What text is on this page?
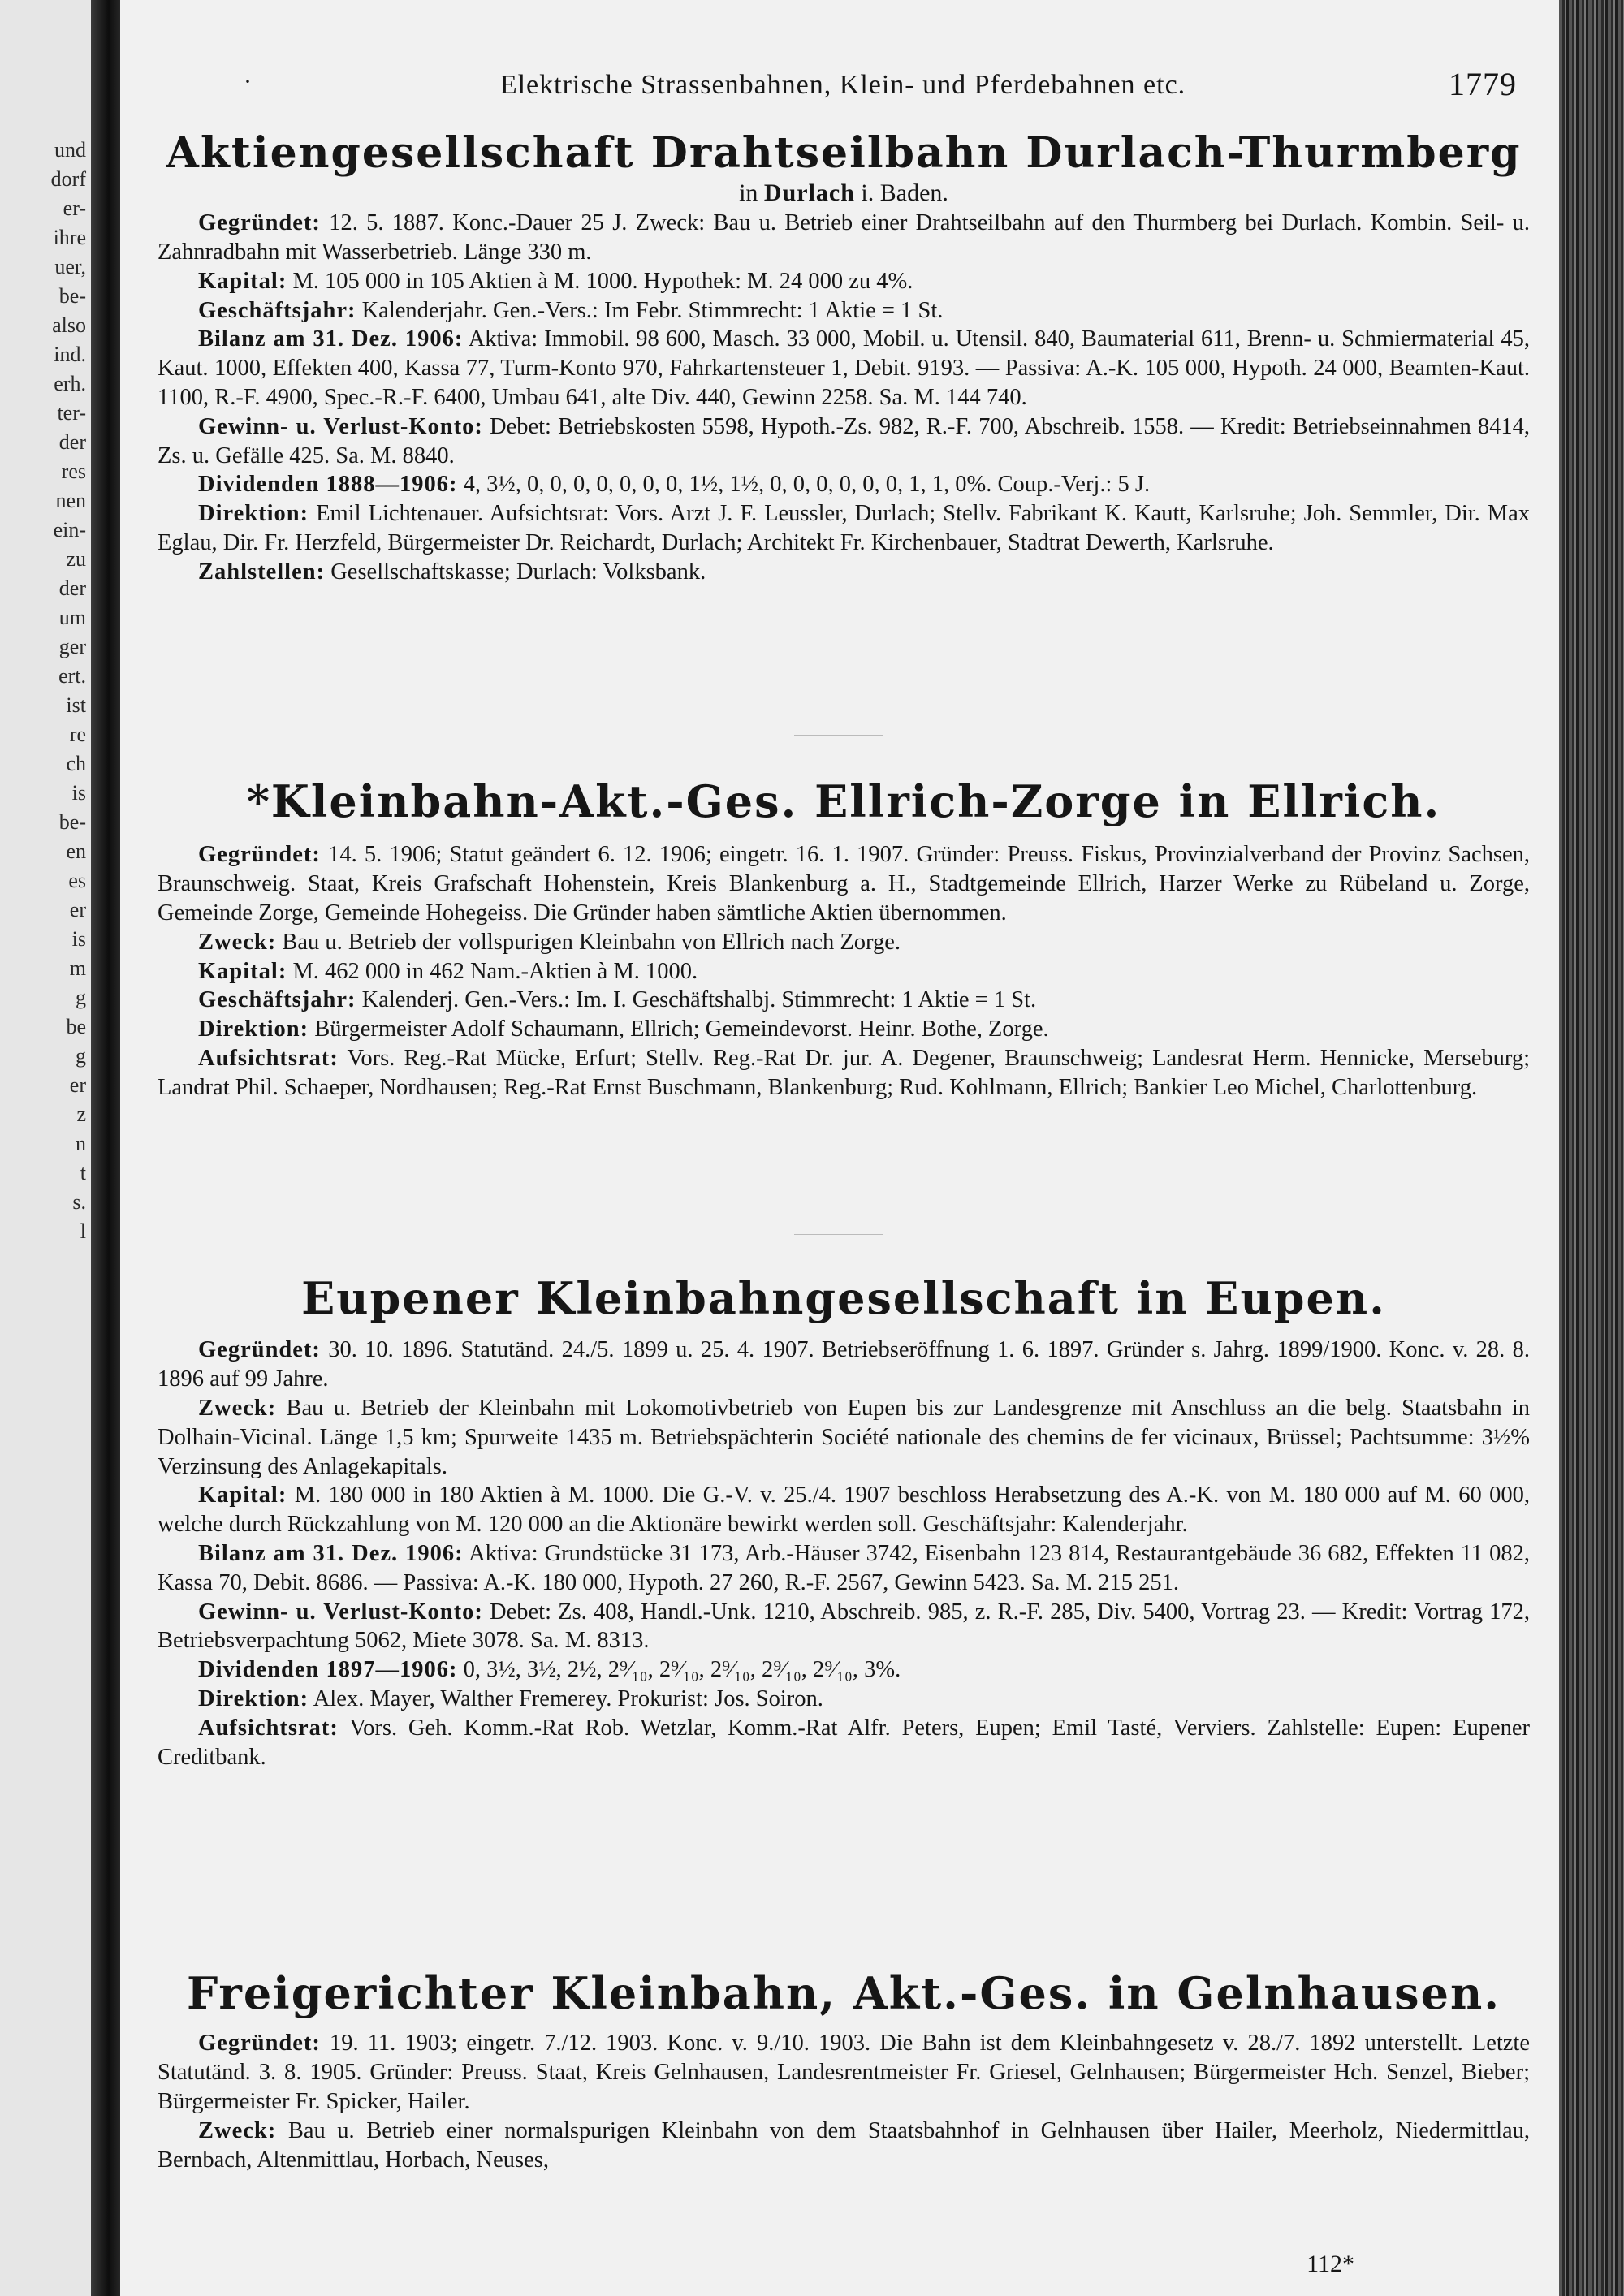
und
dorf
er-
ihre
uer,
be-
also
ind.
erh.
ter-
der
res
nen
ein-
zu
der
um
ger
ert.
ist
re
ch
is
be-
en
es
er
is
m
g
be
g
er
z
n
t
s.
l
·	Elektrische Strassenbahnen, Klein- und Pferdebahnen etc.	1779
Aktiengesellschaft Drahtseilbahn Durlach-Thurmberg
in Durlach i. Baden.

Gegründet: 12. 5. 1887. Konc.-Dauer 25 J. Zweck: Bau u. Betrieb einer Drahtseilbahn auf den Thurmberg bei Durlach. Kombin. Seil- u. Zahnradbahn mit Wasserbetrieb. Länge 330 m.

Kapital: M. 105 000 in 105 Aktien à M. 1000. Hypothek: M. 24 000 zu 4%.

Geschäftsjahr: Kalenderjahr. Gen.-Vers.: Im Febr. Stimmrecht: 1 Aktie = 1 St.

Bilanz am 31. Dez. 1906: Aktiva: Immobil. 98 600, Masch. 33 000, Mobil. u. Utensil. 840, Baumaterial 611, Brenn- u. Schmiermaterial 45, Kaut. 1000, Effekten 400, Kassa 77, Turm-Konto 970, Fahrkartensteuer 1, Debit. 9193. — Passiva: A.-K. 105 000, Hypoth. 24 000, Beamten-Kaut. 1100, R.-F. 4900, Spec.-R.-F. 6400, Umbau 641, alte Div. 440, Gewinn 2258. Sa. M. 144 740.

Gewinn- u. Verlust-Konto: Debet: Betriebskosten 5598, Hypoth.-Zs. 982, R.-F. 700, Abschreib. 1558. — Kredit: Betriebseinnahmen 8414, Zs. u. Gefälle 425. Sa. M. 8840.

Dividenden 1888—1906: 4, 3½, 0, 0, 0, 0, 0, 0, 0, 1½, 1½, 0, 0, 0, 0, 0, 0, 1, 1, 0%. Coup.-Verj.: 5 J.

Direktion: Emil Lichtenauer. Aufsichtsrat: Vors. Arzt J. F. Leussler, Durlach; Stellv. Fabrikant K. Kautt, Karlsruhe; Joh. Semmler, Dir. Max Eglau, Dir. Fr. Herzfeld, Bürgermeister Dr. Reichardt, Durlach; Architekt Fr. Kirchenbauer, Stadtrat Dewerth, Karlsruhe.

Zahlstellen: Gesellschaftskasse; Durlach: Volksbank.

*Kleinbahn-Akt.-Ges. Ellrich-Zorge in Ellrich.

Gegründet: 14. 5. 1906; Statut geändert 6. 12. 1906; eingetr. 16. 1. 1907. Gründer: Preuss. Fiskus, Provinzialverband der Provinz Sachsen, Braunschweig. Staat, Kreis Grafschaft Hohenstein, Kreis Blankenburg a. H., Stadtgemeinde Ellrich, Harzer Werke zu Rübeland u. Zorge, Gemeinde Zorge, Gemeinde Hohegeiss. Die Gründer haben sämtliche Aktien übernommen.

Zweck: Bau u. Betrieb der vollspurigen Kleinbahn von Ellrich nach Zorge.

Kapital: M. 462 000 in 462 Nam.-Aktien à M. 1000.

Geschäftsjahr: Kalenderj. Gen.-Vers.: Im. I. Geschäftshalbj. Stimmrecht: 1 Aktie = 1 St.

Direktion: Bürgermeister Adolf Schaumann, Ellrich; Gemeindevorst. Heinr. Bothe, Zorge.

Aufsichtsrat: Vors. Reg.-Rat Mücke, Erfurt; Stellv. Reg.-Rat Dr. jur. A. Degener, Braunschweig; Landesrat Herm. Hennicke, Merseburg; Landrat Phil. Schaeper, Nordhausen; Reg.-Rat Ernst Buschmann, Blankenburg; Rud. Kohlmann, Ellrich; Bankier Leo Michel, Charlottenburg.

Eupener Kleinbahngesellschaft in Eupen.

Gegründet: 30. 10. 1896. Statutänd. 24./5. 1899 u. 25. 4. 1907. Betriebseröffnung 1. 6. 1897. Gründer s. Jahrg. 1899/1900. Konc. v. 28. 8. 1896 auf 99 Jahre.

Zweck: Bau u. Betrieb der Kleinbahn mit Lokomotivbetrieb von Eupen bis zur Landesgrenze mit Anschluss an die belg. Staatsbahn in Dolhain-Vicinal. Länge 1,5 km; Spurweite 1435 m. Betriebspächterin Société nationale des chemins de fer vicinaux, Brüssel; Pachtsumme: 3½% Verzinsung des Anlagekapitals.

Kapital: M. 180 000 in 180 Aktien à M. 1000. Die G.-V. v. 25./4. 1907 beschloss Herabsetzung des A.-K. von M. 180 000 auf M. 60 000, welche durch Rückzahlung von M. 120 000 an die Aktionäre bewirkt werden soll. Geschäftsjahr: Kalenderjahr.

Bilanz am 31. Dez. 1906: Aktiva: Grundstücke 31 173, Arb.-Häuser 3742, Eisenbahn 123 814, Restaurantgebäude 36 682, Effekten 11 082, Kassa 70, Debit. 8686. — Passiva: A.-K. 180 000, Hypoth. 27 260, R.-F. 2567, Gewinn 5423. Sa. M. 215 251.

Gewinn- u. Verlust-Konto: Debet: Zs. 408, Handl.-Unk. 1210, Abschreib. 985, z. R.-F. 285, Div. 5400, Vortrag 23. — Kredit: Vortrag 172, Betriebsverpachtung 5062, Miete 3078. Sa. M. 8313.

Dividenden 1897—1906: 0, 3½, 3½, 2½, 2⁹⁄₁₀, 2⁹⁄₁₀, 2⁹⁄₁₀, 2⁹⁄₁₀, 2⁹⁄₁₀, 3%.

Direktion: Alex. Mayer, Walther Fremerey. Prokurist: Jos. Soiron.

Aufsichtsrat: Vors. Geh. Komm.-Rat Rob. Wetzlar, Komm.-Rat Alfr. Peters, Eupen; Emil Tasté, Verviers. Zahlstelle: Eupen: Eupener Creditbank.

Freigerichter Kleinbahn, Akt.-Ges. in Gelnhausen.

Gegründet: 19. 11. 1903; eingetr. 7./12. 1903. Konc. v. 9./10. 1903. Die Bahn ist dem Kleinbahngesetz v. 28./7. 1892 unterstellt. Letzte Statutänd. 3. 8. 1905. Gründer: Preuss. Staat, Kreis Gelnhausen, Landesrentmeister Fr. Griesel, Gelnhausen; Bürgermeister Hch. Senzel, Bieber; Bürgermeister Fr. Spicker, Hailer.

Zweck: Bau u. Betrieb einer normalspurigen Kleinbahn von dem Staatsbahnhof in Gelnhausen über Hailer, Meerholz, Niedermittlau, Bernbach, Altenmittlau, Horbach, Neuses,

112*
